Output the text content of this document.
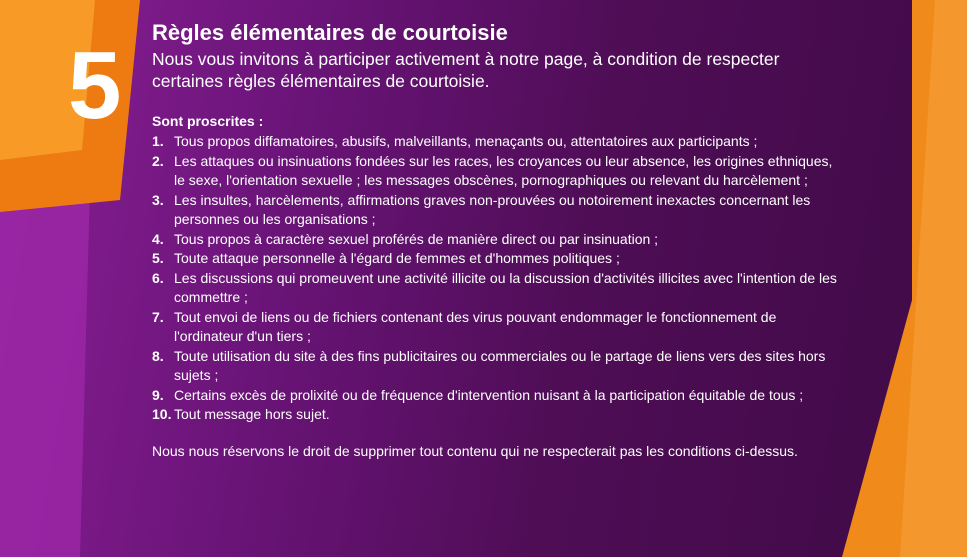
5 Règles élémentaires de courtoisie

Nous vous invitons à participer activement à notre page, à condition de respecter certaines règles élémentaires de courtoisie.

Sont proscrites :
1. Tous propos diffamatoires, abusifs, malveillants, menaçants ou, attentatoires aux participants ;
2. Les attaques ou insinuations fondées sur les races, les croyances ou leur absence, les origines ethniques, le sexe, l'orientation sexuelle ; les messages obscènes, pornographiques ou relevant du harcèlement ;
3. Les insultes, harcèlements, affirmations graves non-prouvées ou notoirement inexactes concernant les personnes ou les organisations ;
4. Tous propos à caractère sexuel proférés de manière direct ou par insinuation ;
5. Toute attaque personnelle à l'égard de femmes et d'hommes politiques ;
6. Les discussions qui promeuvent une activité illicite ou la discussion d'activités illicites avec l'intention de les commettre ;
7. Tout envoi de liens ou de fichiers contenant des virus pouvant endommager le fonctionnement de l'ordinateur d'un tiers ;
8. Toute utilisation du site à des fins publicitaires ou commerciales ou le partage de liens vers des sites hors sujets ;
9. Certains excès de prolixité ou de fréquence d'intervention nuisant à la participation équitable de tous ;
10. Tout message hors sujet.

Nous nous réservons le droit de supprimer tout contenu qui ne respecterait pas les conditions ci-dessus.
